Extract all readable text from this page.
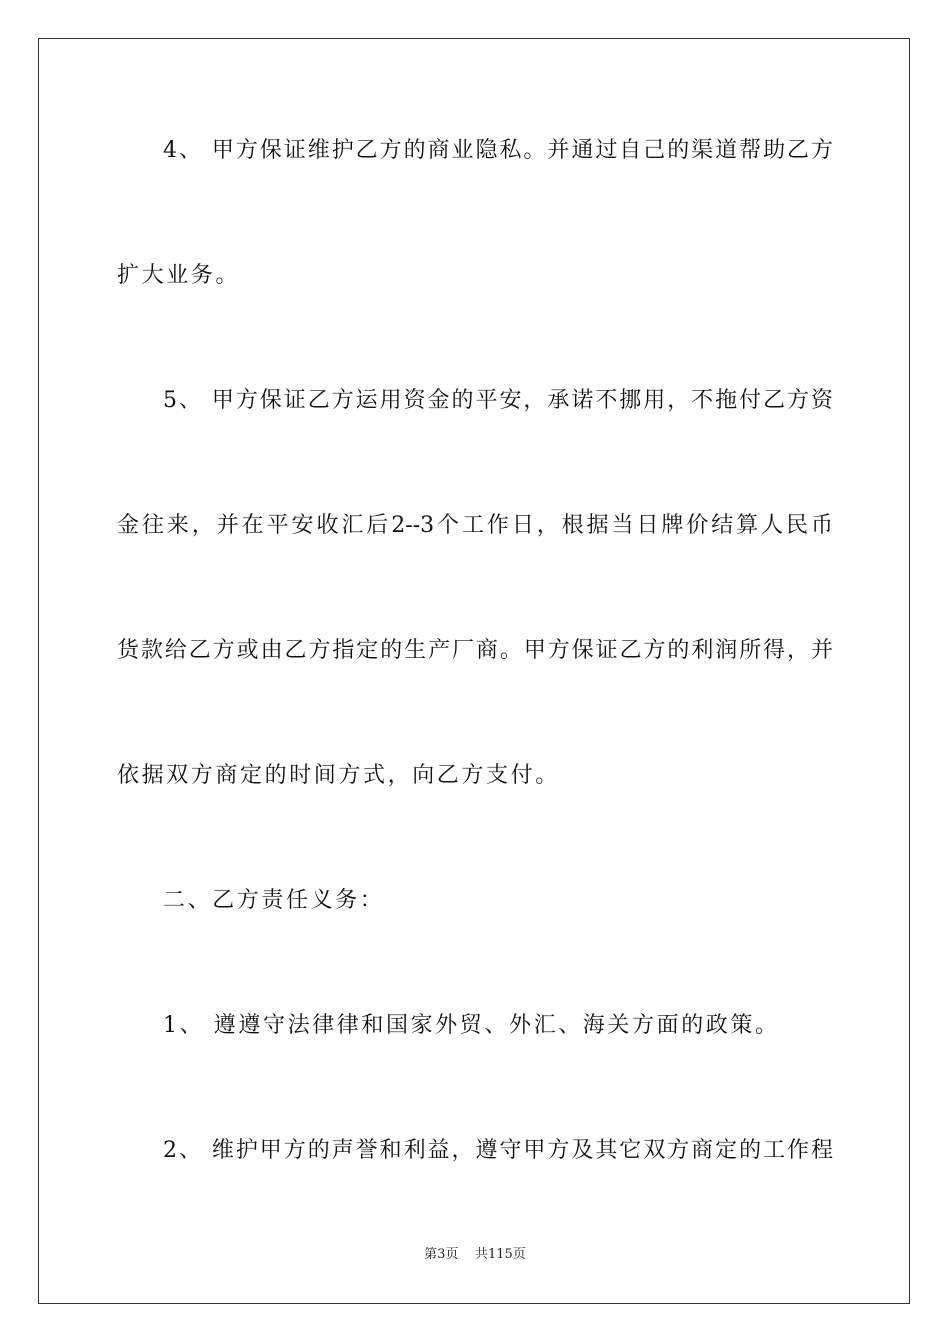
4、 甲方保证维护乙方的商业隐私。并通过自己的渠道帮助乙方
扩大业务。
5、 甲方保证乙方运用资金的平安，承诺不挪用，不拖付乙方资
金往来，并在平安收汇后2--3个工作日，根据当日牌价结算人民币
货款给乙方或由乙方指定的生产厂商。甲方保证乙方的利润所得，并
依据双方商定的时间方式，向乙方支付。
二、乙方责任义务：
1、 遵遵守法律律和国家外贸、外汇、海关方面的政策。
2、 维护甲方的声誉和利益，遵守甲方及其它双方商定的工作程
第3页 共115页
